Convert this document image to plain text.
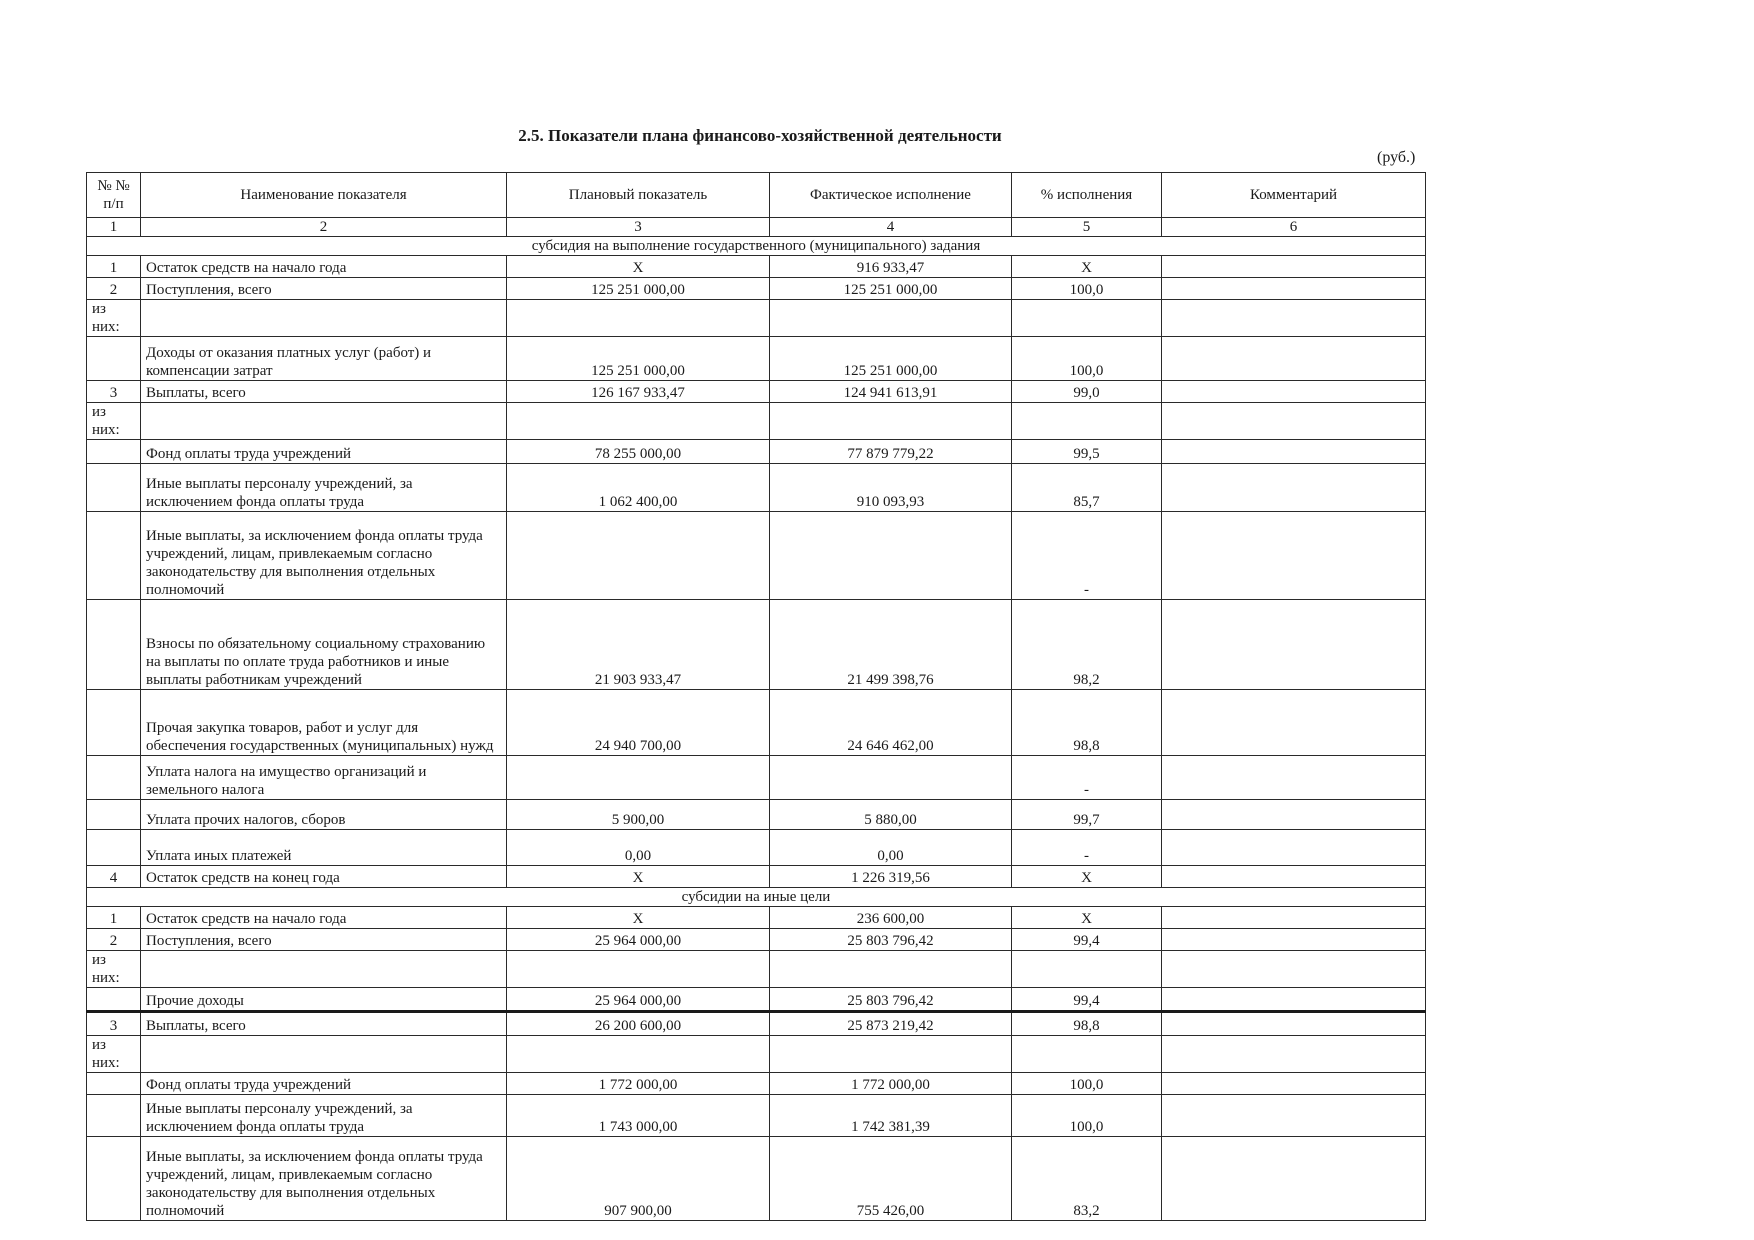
2.5. Показатели плана финансово-хозяйственной деятельности
(руб.)
№ № п/п	Наименование показателя	Плановый показатель	Фактическое исполнение	% исполнения	Комментарий
1	2	3	4	5	6
субсидия на выполнение государственного (муниципального) задания					
1	Остаток средств на начало года	X	916 933,47	X	
2	Поступления, всего	125 251 000,00	125 251 000,00	100,0	
из них:					
	Доходы от оказания платных услуг (работ) и компенсации затрат	125 251 000,00	125 251 000,00	100,0	
3	Выплаты, всего	126 167 933,47	124 941 613,91	99,0	
из них:					
	Фонд оплаты труда учреждений	78 255 000,00	77 879 779,22	99,5	
	Иные выплаты персоналу учреждений, за исключением фонда оплаты труда	1 062 400,00	910 093,93	85,7	
	Иные выплаты, за исключением фонда оплаты труда учреждений, лицам, привлекаемым согласно законодательству для выполнения отдельных полномочий			-	
	Взносы по обязательному социальному страхованию на выплаты по оплате труда работников и иные выплаты работникам учреждений	21 903 933,47	21 499 398,76	98,2	
	Прочая закупка товаров, работ и услуг для обеспечения государственных (муниципальных) нужд	24 940 700,00	24 646 462,00	98,8	
	Уплата налога на имущество организаций и земельного налога			-	
	Уплата прочих налогов, сборов	5 900,00	5 880,00	99,7	
	Уплата иных платежей	0,00	0,00	-	
4	Остаток средств на конец года	X	1 226 319,56	X	
субсидии на иные цели					
1	Остаток средств на начало года	X	236 600,00	X	
2	Поступления, всего	25 964 000,00	25 803 796,42	99,4	
из них:					
	Прочие доходы	25 964 000,00	25 803 796,42	99,4	
3	Выплаты, всего	26 200 600,00	25 873 219,42	98,8	
из них:					
	Фонд оплаты труда учреждений	1 772 000,00	1 772 000,00	100,0	
	Иные выплаты персоналу учреждений, за исключением фонда оплаты труда	1 743 000,00	1 742 381,39	100,0	
	Иные выплаты, за исключением фонда оплаты труда учреждений, лицам, привлекаемым согласно законодательству для выполнения отдельных полномочий	907 900,00	755 426,00	83,2	
